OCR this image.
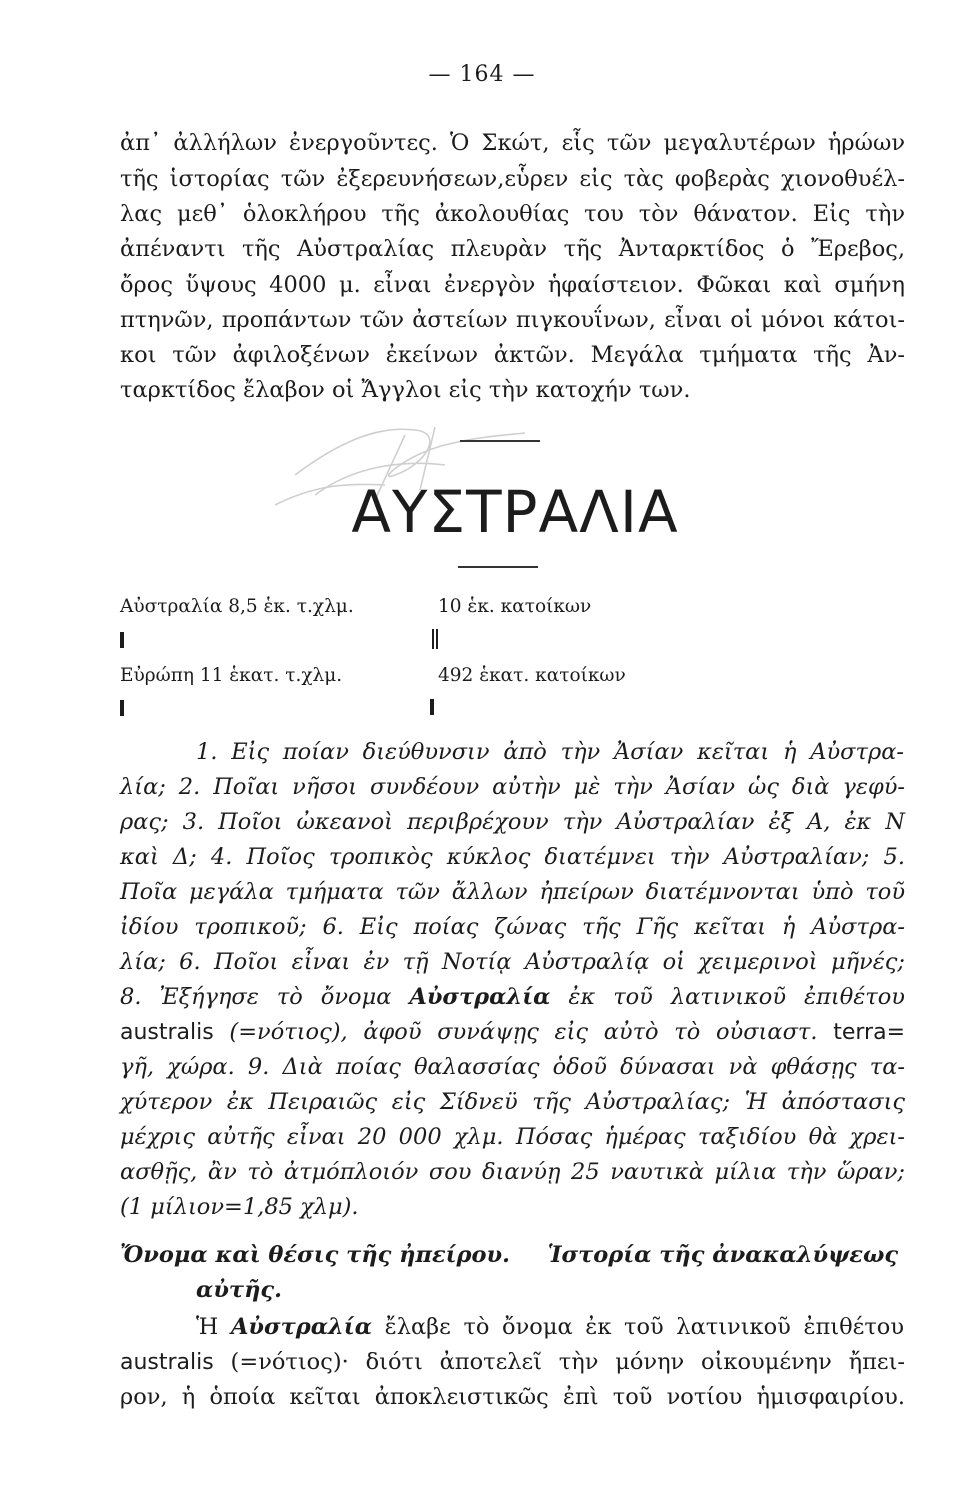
— 164 —
ἀπ᾽ ἀλλήλων ἐνεργοῦντες. Ὁ Σκώτ, εἷς τῶν μεγαλυτέρων ἡρώων
τῆς ἱστορίας τῶν ἐξερευνήσεων,εὗρεν εἰς τὰς φοβερὰς χιονοθυέλ-
λας μεθ᾽ ὁλοκλήρου τῆς ἀκολουθίας του τὸν θάνατον. Εἰς τὴν
ἀπέναντι τῆς Αὐστραλίας πλευρὰν τῆς Ἀνταρκτίδος ὁ Ἔρεβος,
ὄρος ὕψους 4000 μ. εἶναι ἐνεργὸν ἡφαίστειον. Φῶκαι καὶ σμήνη
πτηνῶν, προπάντων τῶν ἀστείων πιγκουΐνων, εἶναι οἱ μόνοι κάτοι-
κοι τῶν ἀφιλοξένων ἐκείνων ἀκτῶν. Μεγάλα τμήματα τῆς Ἀν-
ταρκτίδος ἔλαβον οἱ Ἄγγλοι εἰς τὴν κατοχήν των.
ΑΥΣΤΡΑΛΙΑ
Αὐστραλία 8,5 ἑκ. τ.χλμ.	10 ἑκ. κατοίκων
Εὐρώπη 11 ἑκατ. τ.χλμ.	492 ἑκατ. κατοίκων
1. Εἰς ποίαν διεύθυνσιν ἀπὸ τὴν Ἀσίαν κεῖται ἡ Αὐστρα-
λία; 2. Ποῖαι νῆσοι συνδέουν αὐτὴν μὲ τὴν Ἀσίαν ὡς διὰ γεφύ-
ρας; 3. Ποῖοι ὠκεανοὶ περιβρέχουν τὴν Αὐστραλίαν ἐξ Α, ἐκ Ν
καὶ Δ; 4. Ποῖος τροπικὸς κύκλος διατέμνει τὴν Αὐστραλίαν; 5.
Ποῖα μεγάλα τμήματα τῶν ἄλλων ἠπείρων διατέμνονται ὑπὸ τοῦ
ἰδίου τροπικοῦ; 6. Εἰς ποίας ζώνας τῆς Γῆς κεῖται ἡ Αὐστρα-
λία; 6. Ποῖοι εἶναι ἐν τῇ Νοτίᾳ Αὐστραλίᾳ οἱ χειμερινοὶ μῆνές;
8. Ἐξήγησε τὸ ὄνομα Αὐστραλία ἐκ τοῦ λατινικοῦ ἐπιθέτου
australis (=νότιος), ἀφοῦ συνάψῃς εἰς αὐτὸ τὸ οὐσιαστ. terra=
γῆ, χώρα. 9. Διὰ ποίας θαλασσίας ὁδοῦ δύνασαι νὰ φθάσῃς τα-
χύτερον ἐκ Πειραιῶς εἰς Σίδνεϋ τῆς Αὐστραλίας; Ἡ ἀπόστασις
μέχρις αὐτῆς εἶναι 20 000 χλμ. Πόσας ἡμέρας ταξιδίου θὰ χρει-
ασθῇς, ἂν τὸ ἀτμόπλοιόν σου διανύῃ 25 ναυτικὰ μίλια τὴν ὥραν;
(1 μίλιον=1,85 χλμ).
Ὄνομα καὶ θέσις τῆς ἠπείρου. Ἱστορία τῆς ἀνακαλύψεως
αὐτῆς.
Ἡ Αὐστραλία ἔλαβε τὸ ὄνομα ἐκ τοῦ λατινικοῦ ἐπιθέτου
australis (=νότιος)· διότι ἀποτελεῖ τὴν μόνην οἰκουμένην ἤπει-
ρον, ἡ ὁποία κεῖται ἀποκλειστικῶς ἐπὶ τοῦ νοτίου ἡμισφαιρίου.
